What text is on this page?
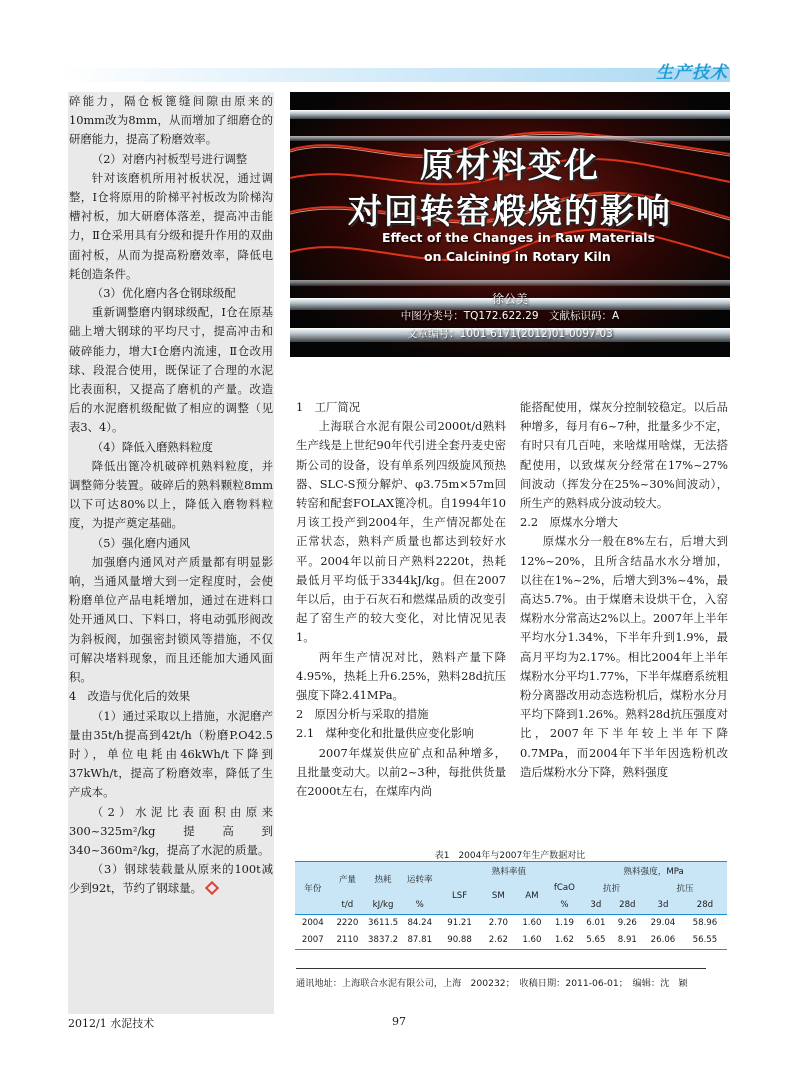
生产技术

碎能力，隔仓板篦缝间隙由原来的10mm改为8mm，从而增加了细磨仓的研磨能力，提高了粉磨效率。

（2）对磨内衬板型号进行调整

针对该磨机所用衬板状况，通过调整，Ⅰ仓将原用的阶梯平衬板改为阶梯沟槽衬板，加大研磨体落差，提高冲击能力，Ⅱ仓采用具有分级和提升作用的双曲面衬板，从而为提高粉磨效率，降低电耗创造条件。

（3）优化磨内各仓钢球级配

重新调整磨内钢球级配，Ⅰ仓在原基础上增大钢球的平均尺寸，提高冲击和破碎能力，增大Ⅰ仓磨内流速，Ⅱ仓改用球、段混合使用，既保证了合理的水泥比表面积，又提高了磨机的产量。改造后的水泥磨机级配做了相应的调整（见表3、4）。

（4）降低入磨熟料粒度

降低出篦冷机破碎机熟料粒度，并调整筛分装置。破碎后的熟料颗粒8mm以下可达80%以上，降低入磨物料粒度，为提产奠定基础。

（5）强化磨内通风

加强磨内通风对产质量都有明显影响，当通风量增大到一定程度时，会使粉磨单位产品电耗增加，通过在进料口处开通风口、下料口，将电动弧形阀改为斜板阀，加强密封锁风等措施，不仅可解决堵料现象，而且还能加大通风面积。

4　改造与优化后的效果

（1）通过采取以上措施，水泥磨产量由35t/h提高到42t/h（粉磨P.O42.5时），单位电耗由46kWh/t下降到37kWh/t，提高了粉磨效率，降低了生产成本。

（2）水泥比表面积由原来300~325m²/kg提高到340~360m²/kg，提高了水泥的质量。

（3）钢球装载量从原来的100t减少到92t，节约了钢球量。

原材料变化
对回转窑煅烧的影响
Effect of the Changes in Raw Materials
on Calcining in Rotary Kiln
徐公美
中图分类号：TQ172.622.29　文献标识码：A
文章编号：1001-6171(2012)01-0097-03

1　工厂简况

上海联合水泥有限公司2000t/d熟料生产线是上世纪90年代引进全套丹麦史密斯公司的设备，设有单系列四级旋风预热器、SLC-S预分解炉、φ3.75m×57m回转窑和配套FOLAX篦冷机。自1994年10月该工投产到2004年，生产情况都处在正常状态，熟料产质量也都达到较好水平。2004年以前日产熟料2220t，热耗最低月平均低于3344kJ/kg。但在2007年以后，由于石灰石和燃煤品质的改变引起了窑生产的较大变化，对比情况见表1。

两年生产情况对比，熟料产量下降4.95%，热耗上升6.25%，熟料28d抗压强度下降2.41MPa。

2　原因分析与采取的措施

2.1　煤种变化和批量供应变化影响

2007年煤炭供应矿点和品种增多，且批量变动大。以前2~3种，每批供货量在2000t左右，在煤库内尚

能搭配使用，煤灰分控制较稳定。以后品种增多，每月有6~7种，批量多少不定，有时只有几百吨，来啥煤用啥煤，无法搭配使用，以致煤灰分经常在17%~27%间波动（挥发分在25%~30%间波动），所生产的熟料成分波动较大。

2.2　原煤水分增大

原煤水分一般在8%左右，后增大到12%~20%，且所含结晶水水分增加，以往在1%~2%，后增大到3%~4%，最高达5.7%。由于煤磨未设烘干仓，入窑煤粉水分常高达2%以上。2007年上半年平均水分1.34%，下半年升到1.9%，最高月平均为2.17%。相比2004年上半年煤粉水分平均1.77%，下半年煤磨系统粗粉分离器改用动态选粉机后，煤粉水分月平均下降到1.26%。熟料28d抗压强度对比，2007年下半年较上半年下降0.7MPa，而2004年下半年因选粉机改造后煤粉水分下降，熟料强度

表1　2004年与2007年生产数据对比
年份	产量	热耗	运转率	熟料率值				熟料强度，MPa			
				LSF	SM	AM	fCaO	抗折		抗压	
	t/d	kJ/kg	%				%	3d	28d	3d	28d
2004	2220	3611.5	84.24	91.21	2.70	1.60	1.19	6.01	9.26	29.04	58.96
2007	2110	3837.2	87.81	90.88	2.62	1.60	1.62	5.65	8.91	26.06	56.55
通讯地址：上海联合水泥有限公司，上海　200232；　收稿日期：2011-06-01；　编辑：沈　颖
2012/1 水泥技术	97
